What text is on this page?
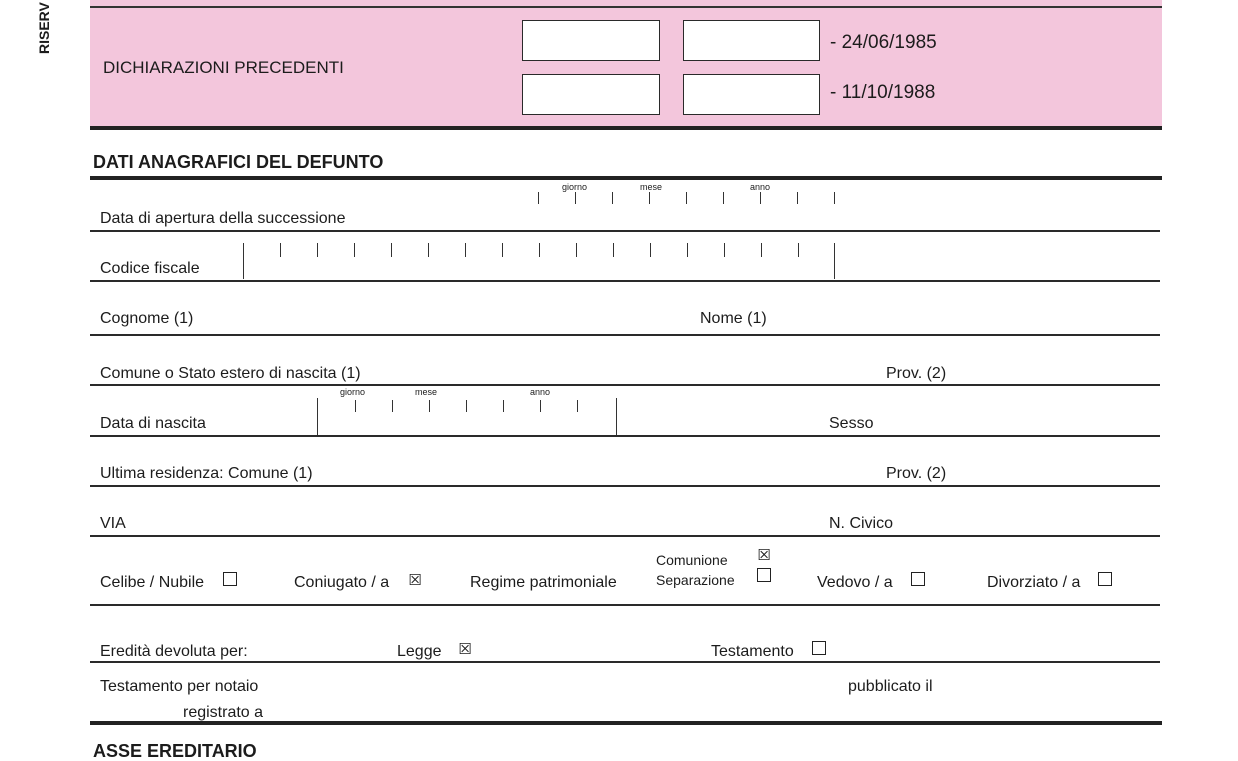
RISERV
DICHIARAZIONI PRECEDENTI
- 24/06/1985
- 11/10/1988
DATI ANAGRAFICI DEL DEFUNTO
Data di apertura della successione
giorno	mese	anno
Codice fiscale
Cognome (1)	Nome (1)
Comune o Stato estero di nascita (1)	Prov. (2)
Data di nascita
giorno	mese	anno
Sesso
Ultima residenza: Comune (1)	Prov. (2)
VIA	N. Civico
Celibe / Nubile	Coniugato / a ☒	Regime patrimoniale
Comunione ☒
Separazione	Vedovo / a	Divorziato / a
Eredità devoluta per:	Legge ☒	Testamento
Testamento per notaio	pubblicato il
registrato a
ASSE EREDITARIO
